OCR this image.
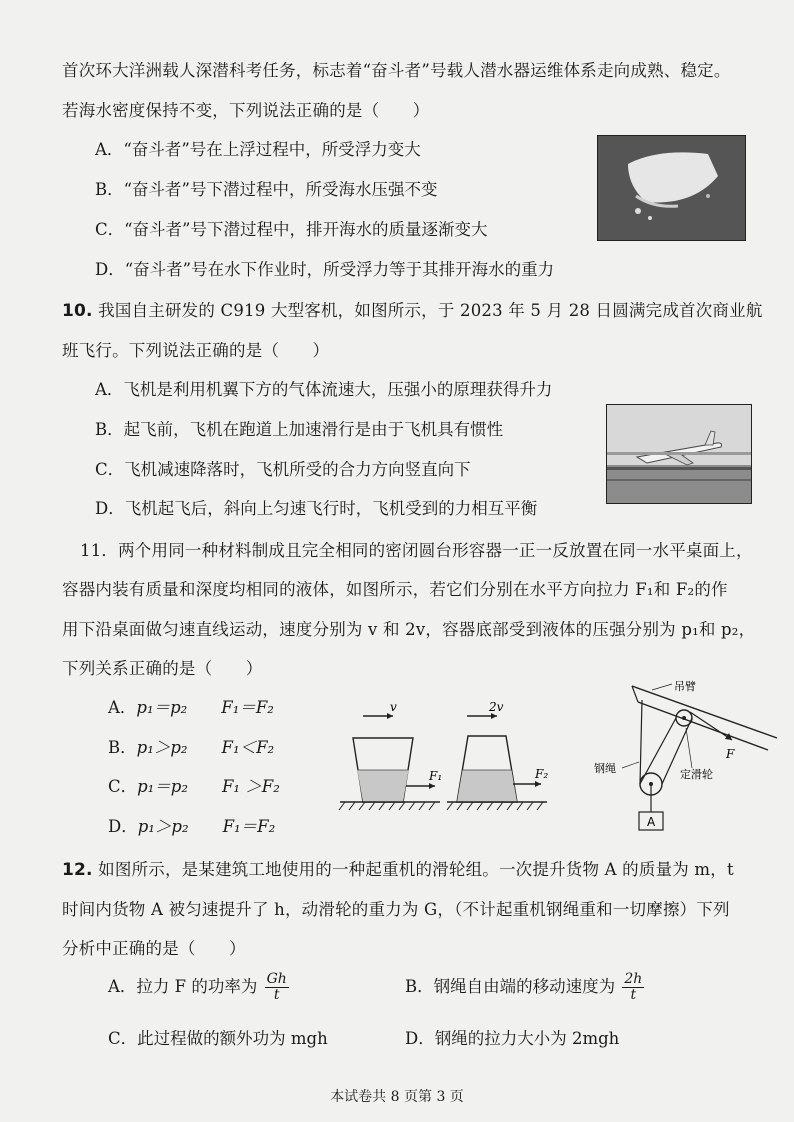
首次环大洋洲载人深潜科考任务，标志着“奋斗者”号载人潜水器运维体系走向成熟、稳定。
若海水密度保持不变，下列说法正确的是（　　）
A．“奋斗者”号在上浮过程中，所受浮力变大
B．“奋斗者”号下潜过程中，所受海水压强不变
C．“奋斗者”号下潜过程中，排开海水的质量逐渐变大
D．“奋斗者”号在水下作业时，所受浮力等于其排开海水的重力
10. 我国自主研发的 C919 大型客机，如图所示，于 2023 年 5 月 28 日圆满完成首次商业航
班飞行。下列说法正确的是（　　）
A．飞机是利用机翼下方的气体流速大，压强小的原理获得升力
B．起飞前，飞机在跑道上加速滑行是由于飞机具有惯性
C．飞机减速降落时，飞机所受的合力方向竖直向下
D．飞机起飞后，斜向上匀速飞行时，飞机受到的力相互平衡
11．两个用同一种材料制成且完全相同的密闭圆台形容器一正一反放置在同一水平桌面上，
容器内装有质量和深度均相同的液体，如图所示，若它们分别在水平方向拉力 F₁和 F₂的作
用下沿桌面做匀速直线运动，速度分别为 v 和 2v，容器底部受到液体的压强分别为 p₁和 p₂，
下列关系正确的是（　　）
A．p₁＝p₂ F₁＝F₂
B．p₁＞p₂ F₁＜F₂
C．p₁＝p₂ F₁ ＞F₂
D．p₁＞p₂ F₁＝F₂
v
F₁
2v
F₂
吊臂
F
A
钢绳	定滑轮
12. 如图所示，是某建筑工地使用的一种起重机的滑轮组。一次提升货物 A 的质量为 m，t
时间内货物 A 被匀速提升了 h，动滑轮的重力为 G，（不计起重机钢绳重和一切摩擦）下列
分析中正确的是（　　）
A．拉力 F 的功率为 $\frac{Gh}{t}$	B．钢绳自由端的移动速度为 $\frac{2h}{t}$
C．此过程做的额外功为 mgh	D．钢绳的拉力大小为 2mgh
本试卷共 8 页第 3 页
